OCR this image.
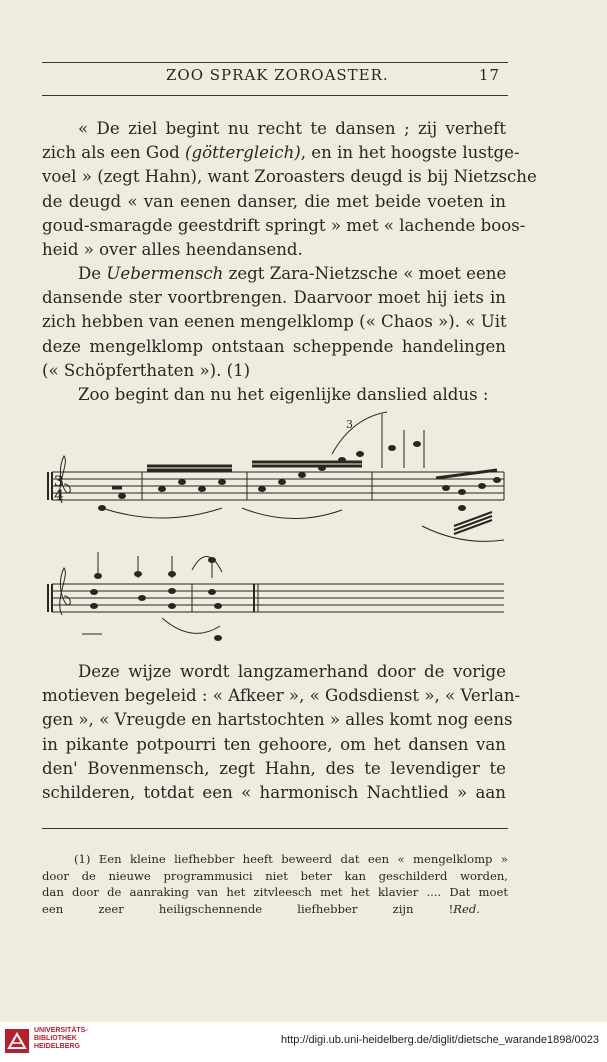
ZOO SPRAK ZOROASTER.	17
« De ziel begint nu recht te dansen ; zij verheft
zich als een God (göttergleich), en in het hoogste lustge-
voel » (zegt Hahn), want Zoroasters deugd is bij Nietzsche
de deugd « van eenen danser, die met beide voeten in
goud-smaragde geestdrift springt » met « lachende boos-
heid » over alles heendansend.
De Uebermensch zegt Zara-Nietzsche « moet eene
dansende ster voortbrengen. Daarvoor moet hij iets in
zich hebben van eenen mengelklomp (« Chaos »). « Uit
deze mengelklomp ontstaan scheppende handelingen
(« Schöpferthaten »). (1)
Zoo begint dan nu het eigenlijke danslied aldus :
3
4
3
Deze wijze wordt langzamerhand door de vorige
motieven begeleid : « Afkeer », « Godsdienst », « Verlan-
gen », « Vreugde en hartstochten » alles komt nog eens
in pikante potpourri ten gehoore, om het dansen van
den' Bovenmensch, zegt Hahn, des te levendiger te
schilderen, totdat een « harmonisch Nachtlied » aan
(1) Een kleine liefhebber heeft beweerd dat een « mengelklomp »
door de nieuwe programmusici niet beter kan geschilderd worden,
dan door de aanraking van het zitvleesch met het klavier .... Dat moet
een zeer heiligschennende liefhebber zijn ! Red.
UNIVERSITÄTS-
BIBLIOTHEK
HEIDELBERG
http://digi.ub.uni-heidelberg.de/diglit/dietsche_warande1898/0023
